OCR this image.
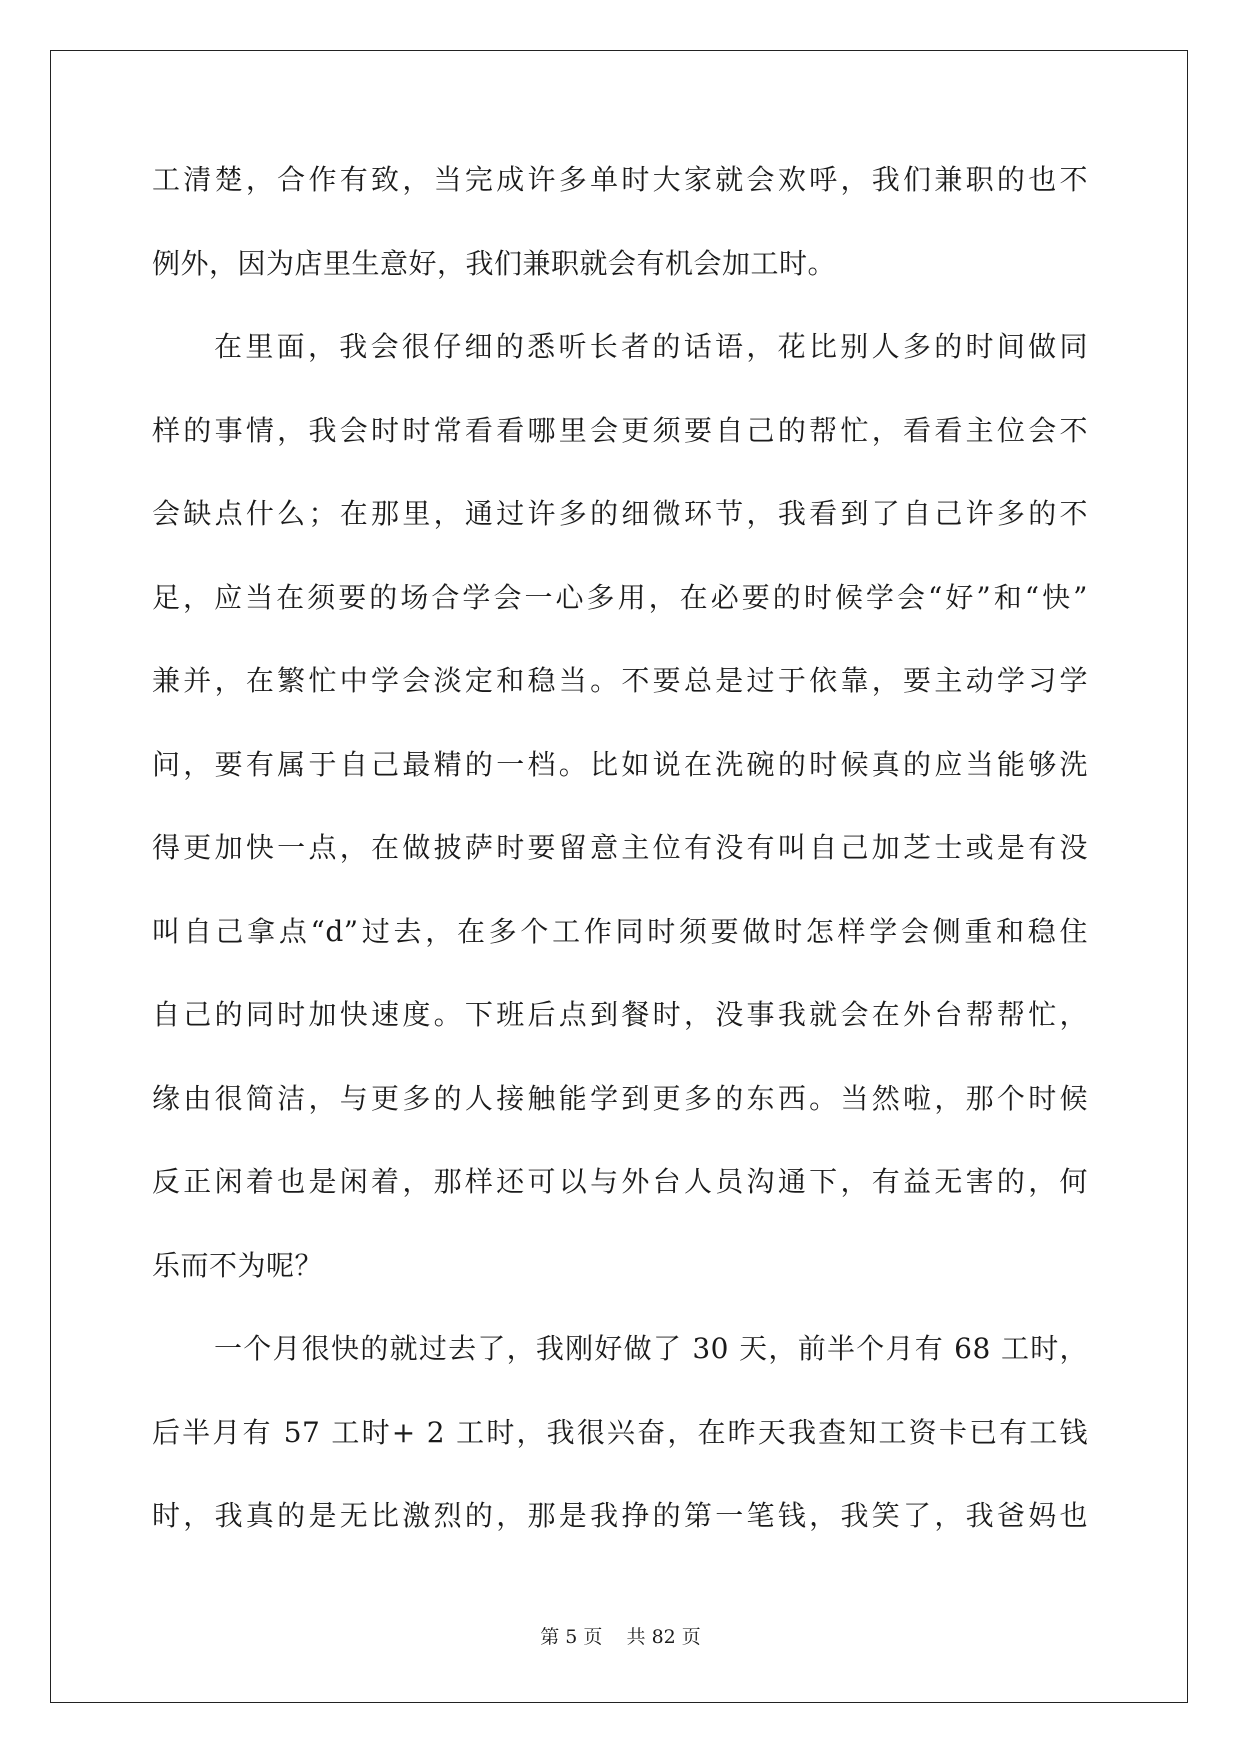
工清楚，合作有致，当完成许多单时大家就会欢呼，我们兼职的也不
例外，因为店里生意好，我们兼职就会有机会加工时。
在里面，我会很仔细的悉听长者的话语，花比别人多的时间做同
样的事情，我会时时常看看哪里会更须要自己的帮忙，看看主位会不
会缺点什么；在那里，通过许多的细微环节，我看到了自己许多的不
足，应当在须要的场合学会一心多用，在必要的时候学会“好”和“快”
兼并，在繁忙中学会淡定和稳当。不要总是过于依靠，要主动学习学
问，要有属于自己最精的一档。比如说在洗碗的时候真的应当能够洗
得更加快一点，在做披萨时要留意主位有没有叫自己加芝士或是有没
叫自己拿点“d”过去，在多个工作同时须要做时怎样学会侧重和稳住
自己的同时加快速度。下班后点到餐时，没事我就会在外台帮帮忙，
缘由很简洁，与更多的人接触能学到更多的东西。当然啦，那个时候
反正闲着也是闲着，那样还可以与外台人员沟通下，有益无害的，何
乐而不为呢？
一个月很快的就过去了，我刚好做了 30 天，前半个月有 68 工时，
后半月有 57 工时+ 2 工时，我很兴奋，在昨天我查知工资卡已有工钱
时，我真的是无比激烈的，那是我挣的第一笔钱，我笑了，我爸妈也
第 5 页    共 82 页
